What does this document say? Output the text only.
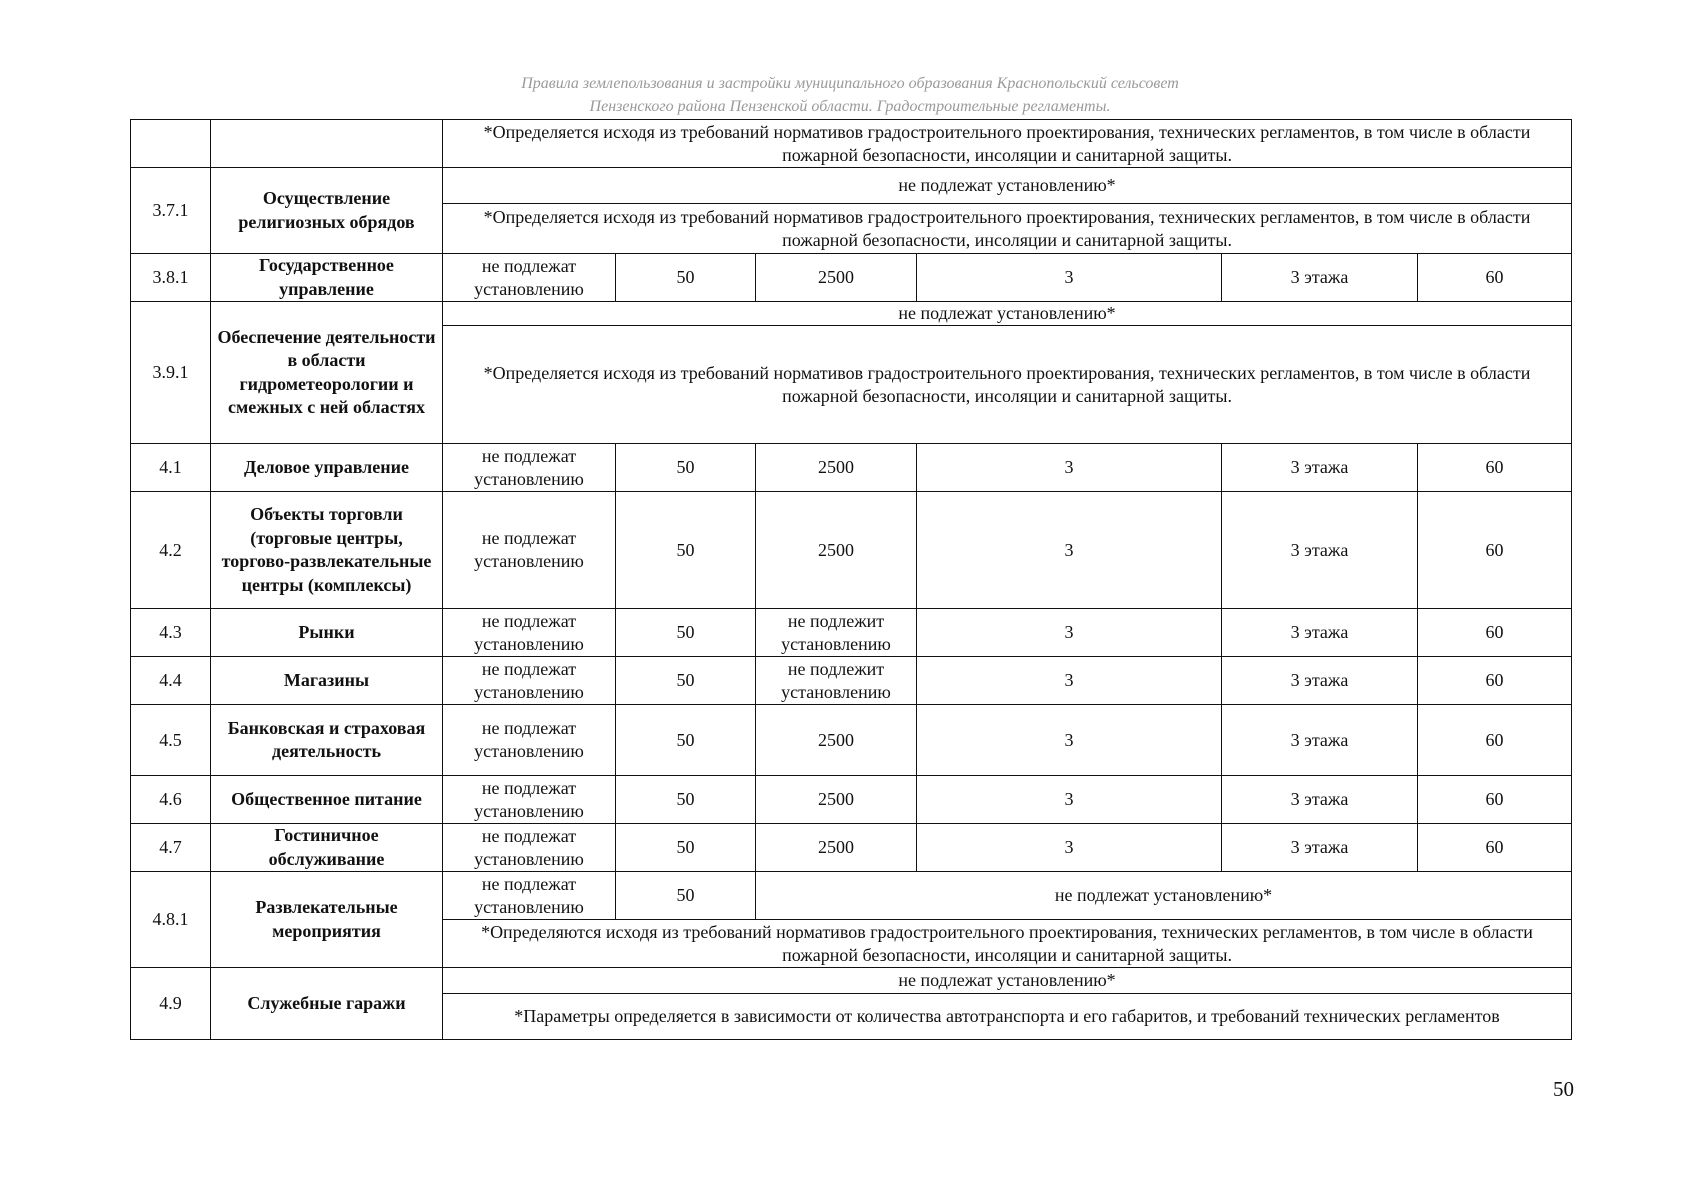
Правила землепользования и застройки муниципального образования Краснопольский сельсовет
Пензенского района Пензенской области. Градостроительные регламенты.
		*Определяется исходя из требований нормативов градостроительного проектирования, технических регламентов, в том числе в области пожарной безопасности, инсоляции и санитарной защиты.					
3.7.1	Осуществление религиозных обрядов	не подлежат установлению*					
		*Определяется исходя из требований нормативов градостроительного проектирования, технических регламентов, в том числе в области пожарной безопасности, инсоляции и санитарной защиты.					
3.8.1	Государственное управление	не подлежат установлению	50	2500	3	3 этажа	60
3.9.1	Обеспечение деятельности в области гидрометеорологии и смежных с ней областях	не подлежат установлению*					
		*Определяется исходя из требований нормативов градостроительного проектирования, технических регламентов, в том числе в области пожарной безопасности, инсоляции и санитарной защиты.					
4.1	Деловое управление	не подлежат установлению	50	2500	3	3 этажа	60
4.2	Объекты торговли (торговые центры, торгово-развлекательные центры (комплексы)	не подлежат установлению	50	2500	3	3 этажа	60
4.3	Рынки	не подлежат установлению	50	не подлежит установлению	3	3 этажа	60
4.4	Магазины	не подлежат установлению	50	не подлежит установлению	3	3 этажа	60
4.5	Банковская и страховая деятельность	не подлежат установлению	50	2500	3	3 этажа	60
4.6	Общественное питание	не подлежат установлению	50	2500	3	3 этажа	60
4.7	Гостиничное обслуживание	не подлежат установлению	50	2500	3	3 этажа	60
4.8.1	Развлекательные мероприятия	не подлежат установлению	50	не подлежат установлению*			
		*Определяются исходя из требований нормативов градостроительного проектирования, технических регламентов, в том числе в области пожарной безопасности, инсоляции и санитарной защиты.					
4.9	Служебные гаражи	не подлежат установлению*					
		*Параметры определяется в зависимости от количества автотранспорта и его габаритов, и требований технических регламентов					
50
